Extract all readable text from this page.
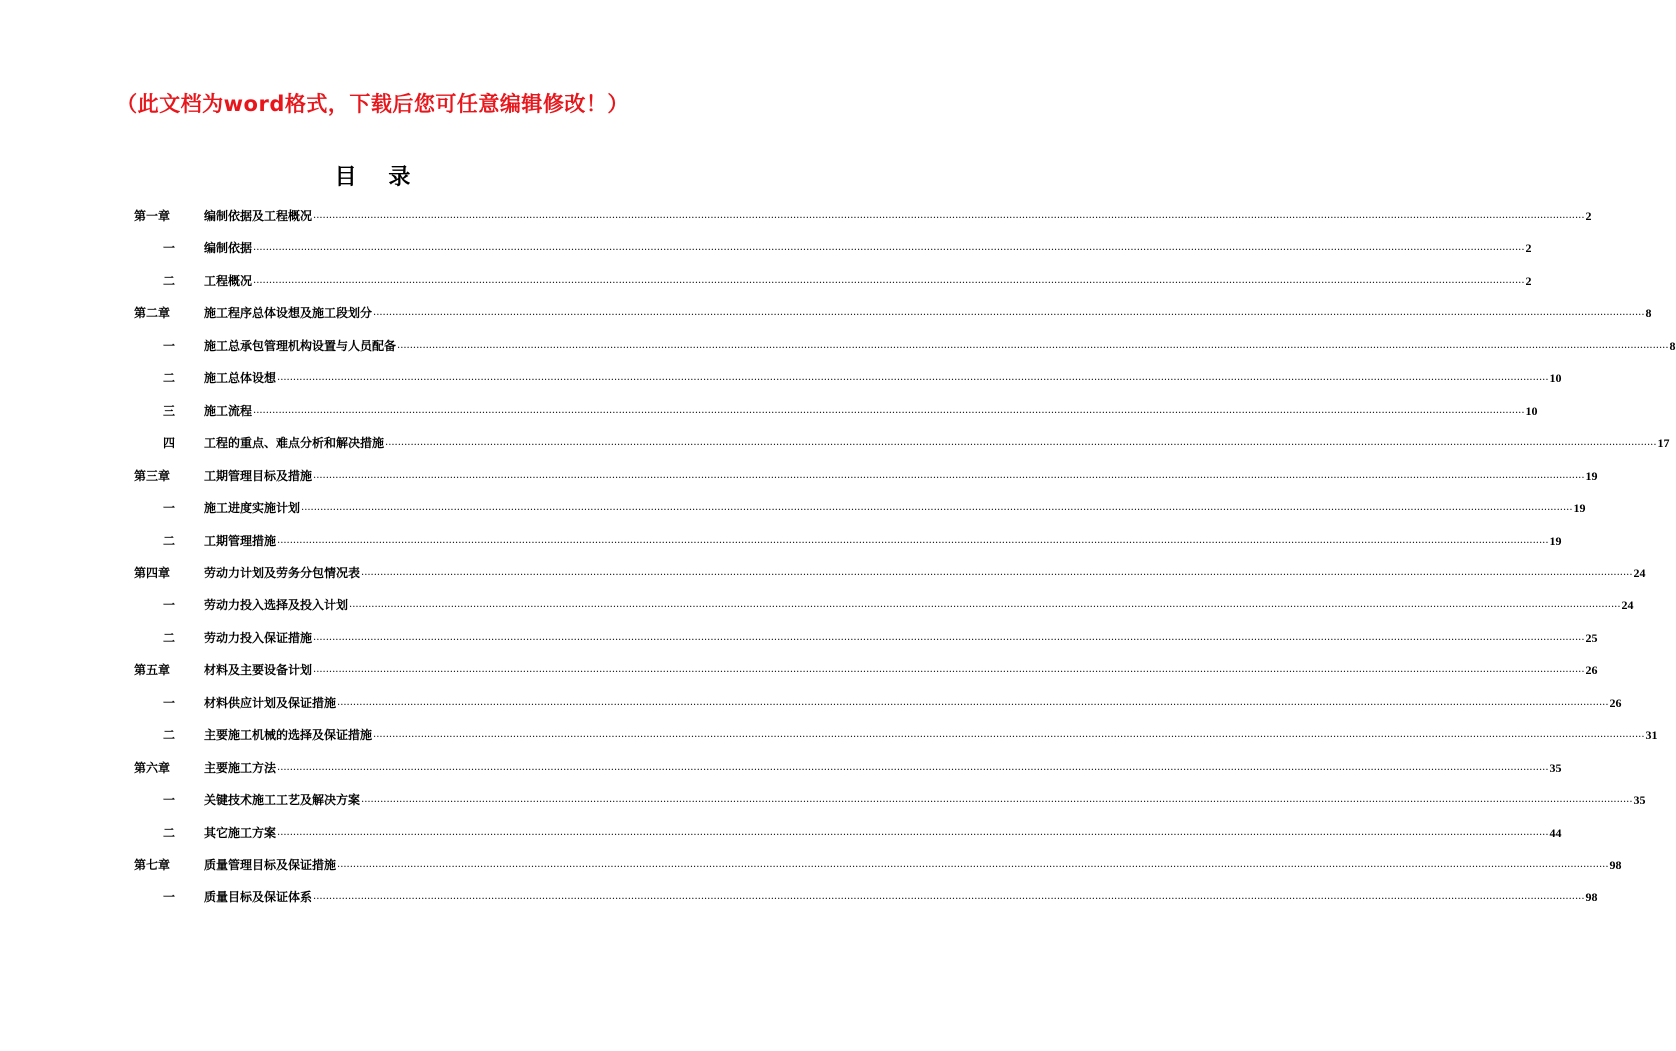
（此文档为word格式，下载后您可任意编辑修改！）
目 录
第一章	编制依据及工程概况 ................................................................................................................................................................................................................................................................................................................................................................................................................ 2
一	编制依据 ................................................................................................................................................................................................................................................................................................................................................................................................................ 2
二	工程概况 ................................................................................................................................................................................................................................................................................................................................................................................................................ 2
第二章	施工程序总体设想及施工段划分 ................................................................................................................................................................................................................................................................................................................................................................................................................ 8
一	施工总承包管理机构设置与人员配备 ................................................................................................................................................................................................................................................................................................................................................................................................................ 8
二	施工总体设想 ................................................................................................................................................................................................................................................................................................................................................................................................................ 10
三	施工流程 ................................................................................................................................................................................................................................................................................................................................................................................................................ 10
四	工程的重点、难点分析和解决措施 ................................................................................................................................................................................................................................................................................................................................................................................................................ 17
第三章	工期管理目标及措施 ................................................................................................................................................................................................................................................................................................................................................................................................................ 19
一	施工进度实施计划 ................................................................................................................................................................................................................................................................................................................................................................................................................ 19
二	工期管理措施 ................................................................................................................................................................................................................................................................................................................................................................................................................ 19
第四章	劳动力计划及劳务分包情况表 ................................................................................................................................................................................................................................................................................................................................................................................................................ 24
一	劳动力投入选择及投入计划 ................................................................................................................................................................................................................................................................................................................................................................................................................ 24
二	劳动力投入保证措施 ................................................................................................................................................................................................................................................................................................................................................................................................................ 25
第五章	材料及主要设备计划 ................................................................................................................................................................................................................................................................................................................................................................................................................ 26
一	材料供应计划及保证措施 ................................................................................................................................................................................................................................................................................................................................................................................................................ 26
二	主要施工机械的选择及保证措施 ................................................................................................................................................................................................................................................................................................................................................................................................................ 31
第六章	主要施工方法 ................................................................................................................................................................................................................................................................................................................................................................................................................ 35
一	关键技术施工工艺及解决方案 ................................................................................................................................................................................................................................................................................................................................................................................................................ 35
二	其它施工方案 ................................................................................................................................................................................................................................................................................................................................................................................................................ 44
第七章	质量管理目标及保证措施 ................................................................................................................................................................................................................................................................................................................................................................................................................ 98
一	质量目标及保证体系 ................................................................................................................................................................................................................................................................................................................................................................................................................ 98
